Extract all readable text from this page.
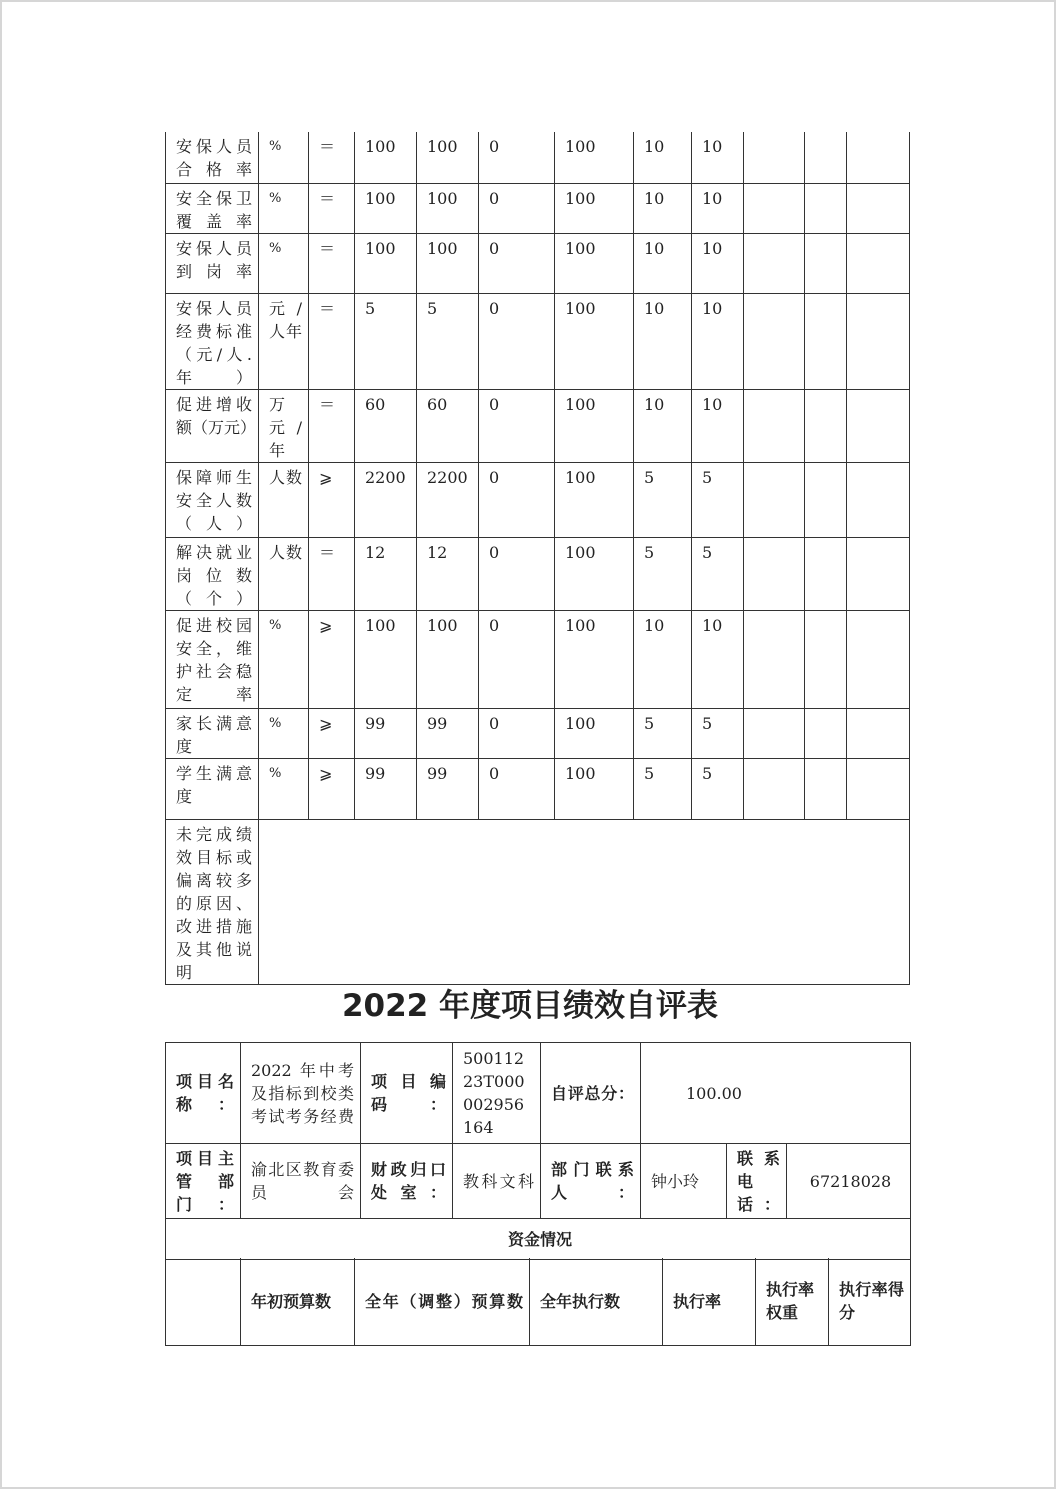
安保人员合格率	%	＝	100	100	0	100	10	10			
安全保卫覆盖率	%	＝	100	100	0	100	10	10			
安保人员到岗率	%	＝	100	100	0	100	10	10			
安保人员经费标准（元/人.年）	元/人年	＝	5	5	0	100	10	10			
促进增收额（万元）	万元/年	＝	60	60	0	100	10	10			
保障师生安全人数（人）	人数	⩾	2200	2200	0	100	5	5			
解决就业岗位数（个）	人数	＝	12	12	0	100	5	5			
促进校园安全，维护社会稳定率	%	⩾	100	100	0	100	10	10			
家长满意度	%	⩾	99	99	0	100	5	5			
学生满意度	%	⩾	99	99	0	100	5	5			
未完成绩效目标或偏离较多的原因、改进措施及其他说明											
2022 年度项目绩效自评表
项目名称：	2022 年中考及指标到校类考试考务经费	项目编码：	50011223T000002956164	自评总分：	100.00		
项目主管部门：	渝北区教育委员会	财政归口处室：	教科文科	部门联系人：	钟小玲	联系电话：	67218028
资金情况							
	年初预算数	全年（调整）预算数	全年执行数	执行率	执行率权重	执行率得分
